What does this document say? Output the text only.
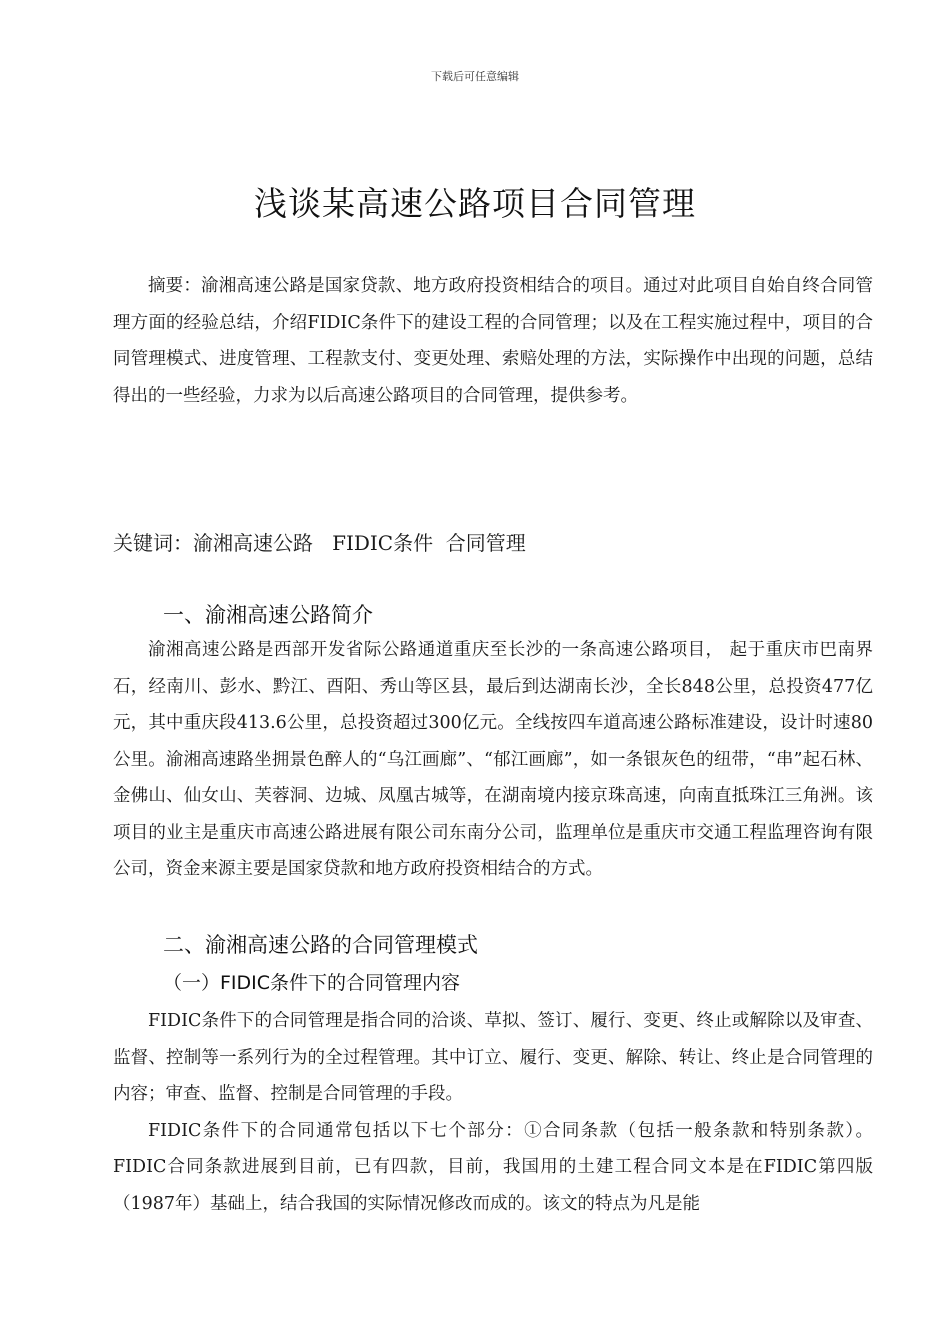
下载后可任意编辑
浅谈某高速公路项目合同管理

摘要：渝湘高速公路是国家贷款、地方政府投资相结合的项目。通过对此项目自始自终合同管理方面的经验总结，介绍FIDIC条件下的建设工程的合同管理；以及在工程实施过程中，项目的合同管理模式、进度管理、工程款支付、变更处理、索赔处理的方法，实际操作中出现的问题，总结得出的一些经验，力求为以后高速公路项目的合同管理，提供参考。

关键词：渝湘高速公路   FIDIC条件  合同管理
一、渝湘高速公路简介

渝湘高速公路是西部开发省际公路通道重庆至长沙的一条高速公路项目， 起于重庆市巴南界石，经南川、彭水、黔江、酉阳、秀山等区县，最后到达湖南长沙，全长848公里，总投资477亿元，其中重庆段413.6公里，总投资超过300亿元。全线按四车道高速公路标准建设，设计时速80公里。渝湘高速路坐拥景色醉人的“乌江画廊”、“郁江画廊”，如一条银灰色的纽带，“串”起石林、金佛山、仙女山、芙蓉洞、边城、凤凰古城等，在湖南境内接京珠高速，向南直抵珠江三角洲。该项目的业主是重庆市高速公路进展有限公司东南分公司，监理单位是重庆市交通工程监理咨询有限公司，资金来源主要是国家贷款和地方政府投资相结合的方式。

二、渝湘高速公路的合同管理模式
（一）FIDIC条件下的合同管理内容

FIDIC条件下的合同管理是指合同的洽谈、草拟、签订、履行、变更、终止或解除以及审查、监督、控制等一系列行为的全过程管理。其中订立、履行、变更、解除、转让、终止是合同管理的内容；审查、监督、控制是合同管理的手段。

FIDIC条件下的合同通常包括以下七个部分：①合同条款（包括一般条款和特别条款）。FIDIC合同条款进展到目前，已有四款，目前，我国用的土建工程合同文本是在FIDIC第四版（1987年）基础上，结合我国的实际情况修改而成的。该文的特点为凡是能
